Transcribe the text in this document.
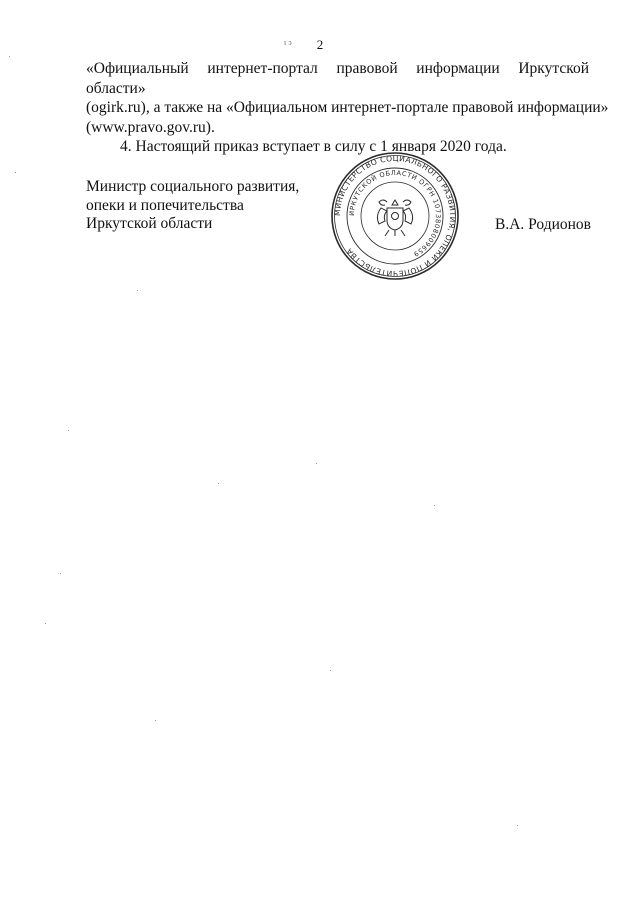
2
ι ͻ

«Официальный интернет-портал правовой информации Иркутской области»
(ogirk.ru), а также на «Официальном интернет-портале правовой информации»
(www.pravo.gov.ru).

4. Настоящий приказ вступает в силу с 1 января 2020 года.

Министр социального развития,
опеки и попечительства
Иркутской области
МИНИСТЕРСТВО СОЦИАЛЬНОГО РАЗВИТИЯ, ОПЕКИ И ПОПЕЧИТЕЛЬСТВА
ИРКУТСКОЙ ОБЛАСТИ ОГРН 1073808009659
В.А. Родионов
